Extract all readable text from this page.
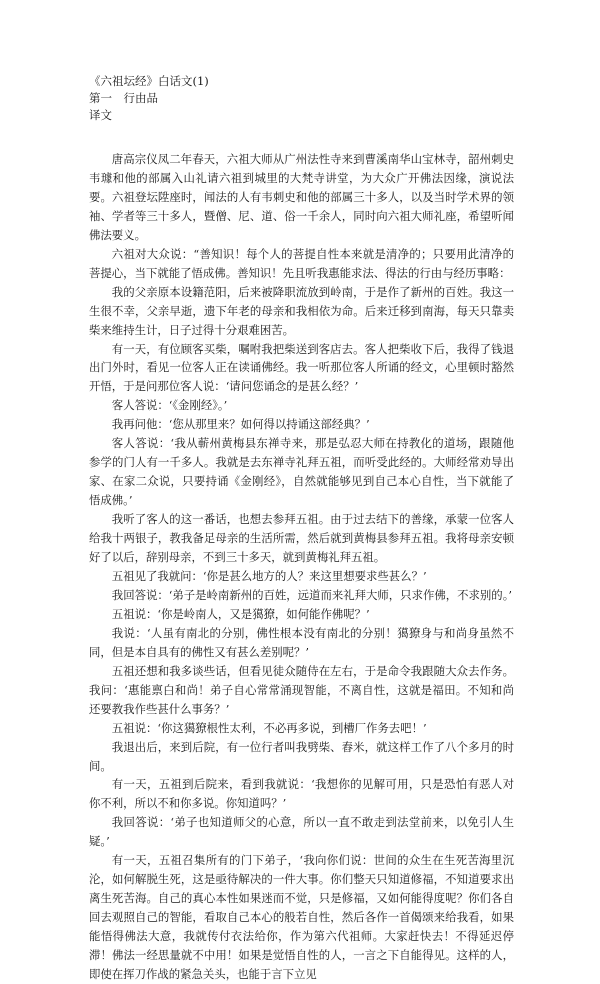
《六祖坛经》白话文(1)
第一　行由品
译文

唐高宗仪凤二年春天，六祖大师从广州法性寺来到曹溪南华山宝林寺，韶州刺史韦璩和他的部属入山礼请六祖到城里的大梵寺讲堂，为大众广开佛法因缘，演说法要。六祖登坛陞座时，闻法的人有韦刺史和他的部属三十多人，以及当时学术界的领袖、学者等三十多人，暨僧、尼、道、俗一千余人，同时向六祖大师礼座，希望听闻佛法要义。

六祖对大众说：“善知识！每个人的菩提自性本来就是清净的；只要用此清净的菩提心，当下就能了悟成佛。善知识！先且听我惠能求法、得法的行由与经历事略：

我的父亲原本设籍范阳，后来被降职流放到岭南，于是作了新州的百姓。我这一生很不幸，父亲早逝，遗下年老的母亲和我相依为命。后来迁移到南海，每天只靠卖柴来维持生计，日子过得十分艰难困苦。

有一天，有位顾客买柴，嘱咐我把柴送到客店去。客人把柴收下后，我得了钱退出门外时，看见一位客人正在读诵佛经。我一听那位客人所诵的经文，心里顿时豁然开悟，于是问那位客人说：‘请问您诵念的是甚么经？’

客人答说：‘《金刚经》。’

我再问他：‘您从那里来？如何得以持诵这部经典？’

客人答说：‘我从蕲州黄梅县东禅寺来，那是弘忍大师在持教化的道场，跟随他参学的门人有一千多人。我就是去东禅寺礼拜五祖，而听受此经的。大师经常劝导出家、在家二众说，只要持诵《金刚经》，自然就能够见到自己本心自性，当下就能了悟成佛。’

我听了客人的这一番话，也想去参拜五祖。由于过去结下的善缘，承蒙一位客人给我十两银子，教我备足母亲的生活所需，然后就到黄梅县参拜五祖。我将母亲安顿好了以后，辞别母亲，不到三十多天，就到黄梅礼拜五祖。

五祖见了我就问：‘你是甚么地方的人？来这里想要求些甚么？’

我回答说：‘弟子是岭南新州的百姓，远道而来礼拜大师，只求作佛，不求别的。’

五祖说：‘你是岭南人，又是獦獠，如何能作佛呢？’

我说：‘人虽有南北的分别，佛性根本没有南北的分别！獦獠身与和尚身虽然不同，但是本自具有的佛性又有甚么差别呢？’

五祖还想和我多谈些话，但看见徒众随侍在左右，于是命令我跟随大众去作务。我问：‘惠能禀白和尚！弟子自心常常涌现智能，不离自性，这就是福田。不知和尚还要教我作些甚什么事务？’

五祖说：‘你这獦獠根性太利，不必再多说，到槽厂作务去吧！’

我退出后，来到后院，有一位行者叫我劈柴、舂米，就这样工作了八个多月的时间。

有一天，五祖到后院来，看到我就说：‘我想你的见解可用，只是恐怕有恶人对你不利，所以不和你多说。你知道吗？’

我回答说：‘弟子也知道师父的心意，所以一直不敢走到法堂前来，以免引人生疑。’

有一天，五祖召集所有的门下弟子，‘我向你们说：世间的众生在生死苦海里沉沦，如何解脱生死，这是亟待解决的一件大事。你们整天只知道修福，不知道要求出离生死苦海。自己的真心本性如果迷而不觉，只是修福，又如何能得度呢？你们各自回去观照自己的智能，看取自己本心的般若自性，然后各作一首偈颂来给我看，如果能悟得佛法大意，我就传付衣法给你，作为第六代祖师。大家赶快去！不得延迟停滞！佛法一经思量就不中用！如果是觉悟自性的人，一言之下自能得见。这样的人，即使在挥刀作战的紧急关头，也能于言下立见
